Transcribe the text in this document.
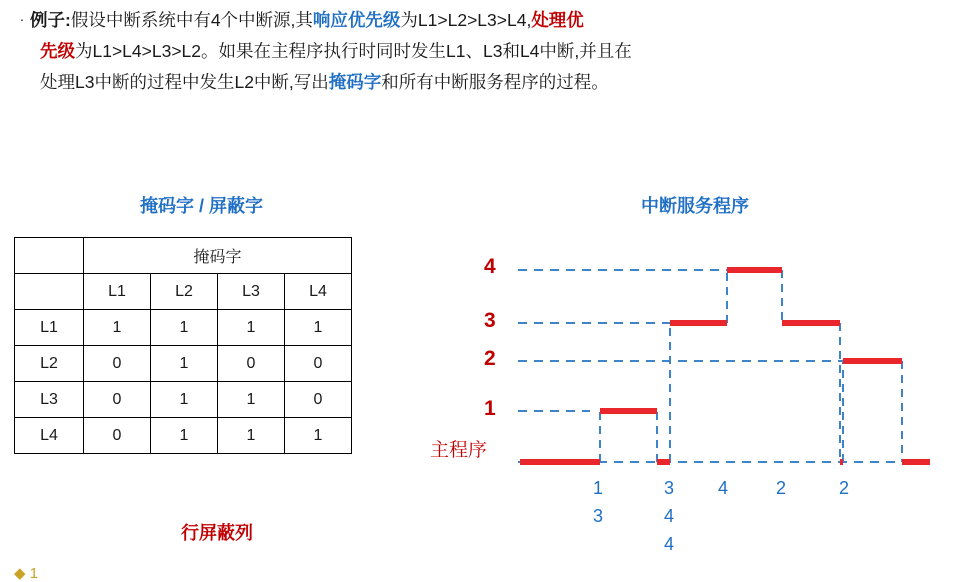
· 例子:假设中断系统中有4个中断源,其响应优先级为L1>L2>L3>L4,处理优
先级为L1>L4>L3>L2。如果在主程序执行时同时发生L1、L3和L4中断,并且在
处理L3中断的过程中发生L2中断,写出掩码字和所有中断服务程序的过程。
掩码字 / 屏蔽字	中断服务程序
行屏蔽列
	掩码字			
	L1	L2	L3	L4
L1	1	1	1	1
L2	0	1	0	0
L3	0	1	1	0
L4	0	1	1	1
4
3
2
1
主程序
1	3 4	2	2
3	4
4
◆ 1
